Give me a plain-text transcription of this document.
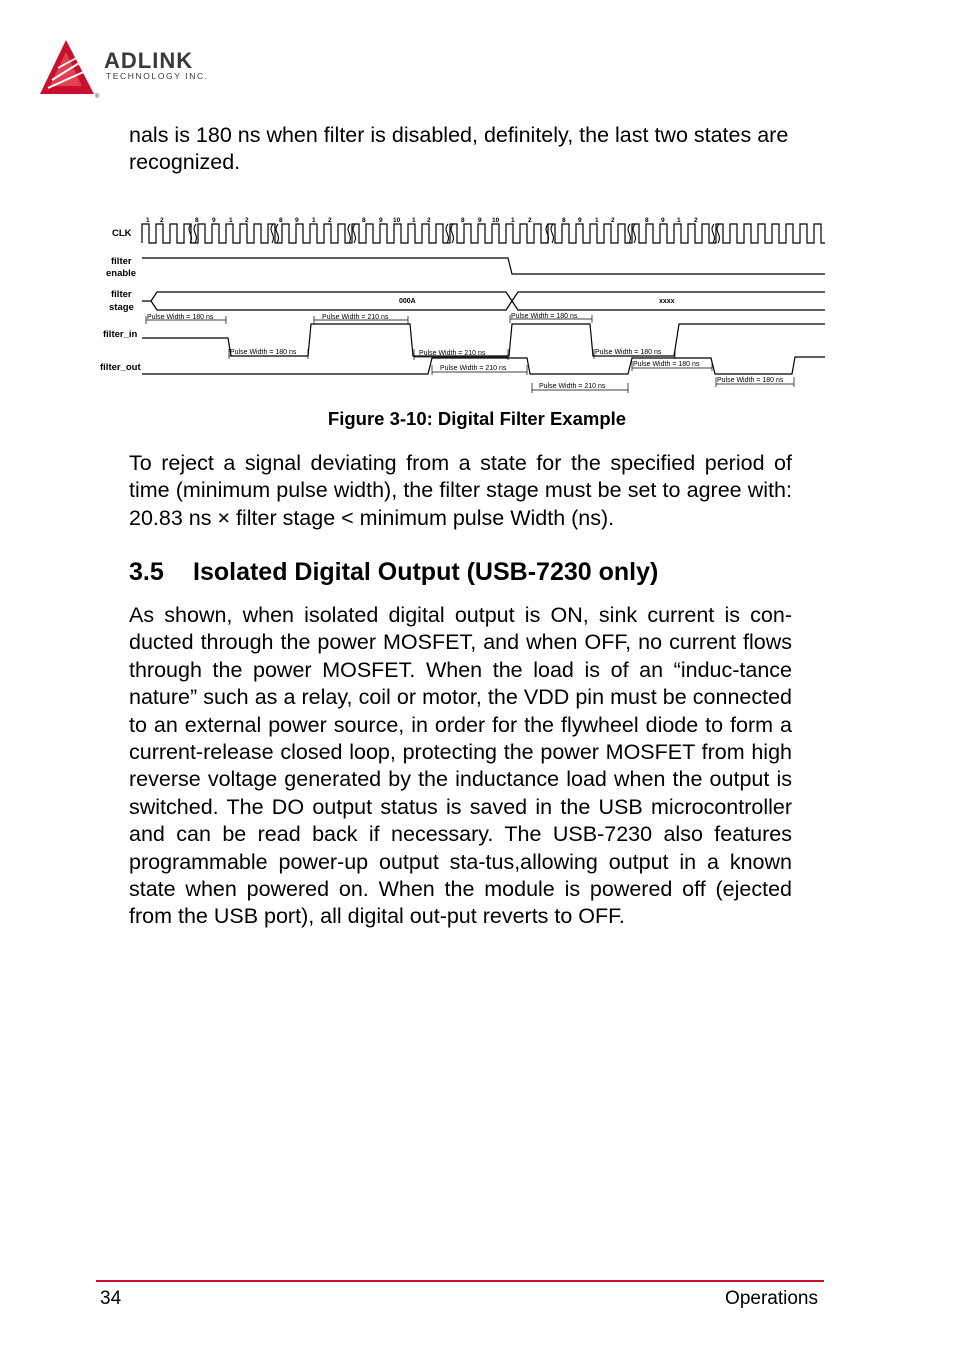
®
ADLINK
TECHNOLOGY INC.

nals is 180 ns when filter is disabled, definitely, the last two states are recognized.

CLK
filter
enable
filter
stage
filter_in
filter_out
1 2	8 9 1 2	8 9 1 2	8 9 10 1 2	8 9 10 1 2	8 9 1 2	8 9 1 2
000A	xxxx
Pulse Width = 180 ns	Pulse Width = 210 ns
Pulse Width = 180 ns
Pulse Width = 180 ns
Pulse Width = 210 ns	Pulse Width = 180 ns
Pulse Width = 210 ns
Pulse Width = 180 ns
Pulse Width = 210 ns
Pulse Width = 180 ns
Figure 3-10: Digital Filter Example

To reject a signal deviating from a state for the specified period of time (minimum pulse width), the filter stage must be set to agree with: 20.83 ns × filter stage < minimum pulse Width (ns).

3.5 Isolated Digital Output (USB-7230 only)

As shown, when isolated digital output is ON, sink current is con-ducted through the power MOSFET, and when OFF, no current flows through the power MOSFET. When the load is of an “induc-tance nature” such as a relay, coil or motor, the VDD pin must be connected to an external power source, in order for the flywheel diode to form a current-release closed loop, protecting the power MOSFET from high reverse voltage generated by the inductance load when the output is switched. The DO output status is saved in the USB microcontroller and can be read back if necessary. The USB-7230 also features programmable power-up output sta-tus,allowing output in a known state when powered on. When the module is powered off (ejected from the USB port), all digital out-put reverts to OFF.

34	Operations
